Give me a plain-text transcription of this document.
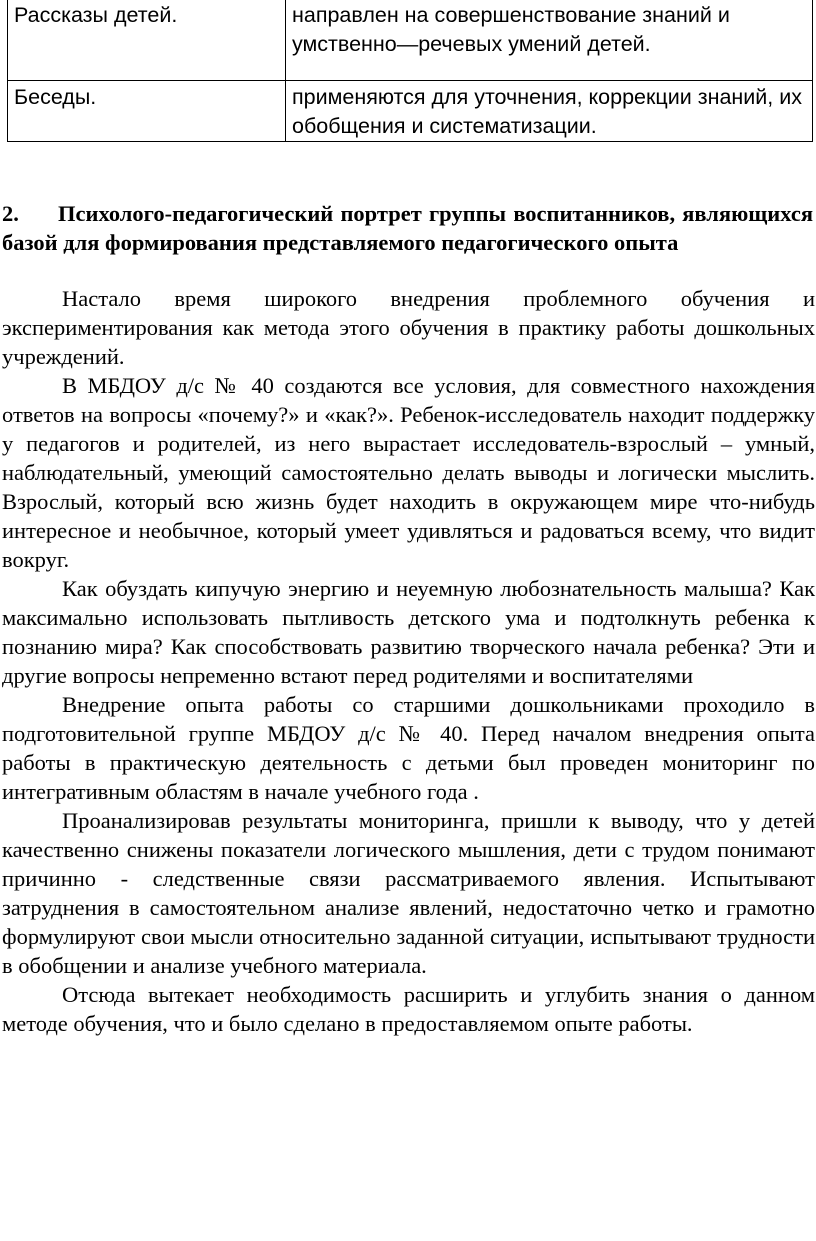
Рассказы детей.	направлен на совершенствование знаний и умственно—речевых умений детей.
Беседы.	применяются для уточнения, коррекции знаний, их обобщения и систематизации.
2. Психолого-педагогический портрет группы воспитанников, являющихся базой для формирования представляемого педагогического опыта

Настало время широкого внедрения проблемного обучения и экспериментирования как метода этого обучения в практику работы дошкольных учреждений.

В МБДОУ д/с № 40 создаются все условия, для совместного нахождения ответов на вопросы «почему?» и «как?». Ребенок-исследователь находит поддержку у педагогов и родителей, из него вырастает исследователь-взрослый – умный, наблюдательный, умеющий самостоятельно делать выводы и логически мыслить. Взрослый, который всю жизнь будет находить в окружающем мире что-нибудь интересное и необычное, который умеет удивляться и радоваться всему, что видит вокруг.

Как обуздать кипучую энергию и неуемную любознательность малыша? Как максимально использовать пытливость детского ума и подтолкнуть ребенка к познанию мира? Как способствовать развитию творческого начала ребенка? Эти и другие вопросы непременно встают перед родителями и воспитателями

Внедрение опыта работы со старшими дошкольниками проходило в подготовительной группе МБДОУ д/с № 40. Перед началом внедрения опыта работы в практическую деятельность с детьми был проведен мониторинг по интегративным областям в начале учебного года .

Проанализировав результаты мониторинга, пришли к выводу, что у детей качественно снижены показатели логического мышления, дети с трудом понимают причинно - следственные связи рассматриваемого явления. Испытывают затруднения в самостоятельном анализе явлений, недостаточно четко и грамотно формулируют свои мысли относительно заданной ситуации, испытывают трудности в обобщении и анализе учебного материала.

Отсюда вытекает необходимость расширить и углубить знания о данном методе обучения, что и было сделано в предоставляемом опыте работы.
